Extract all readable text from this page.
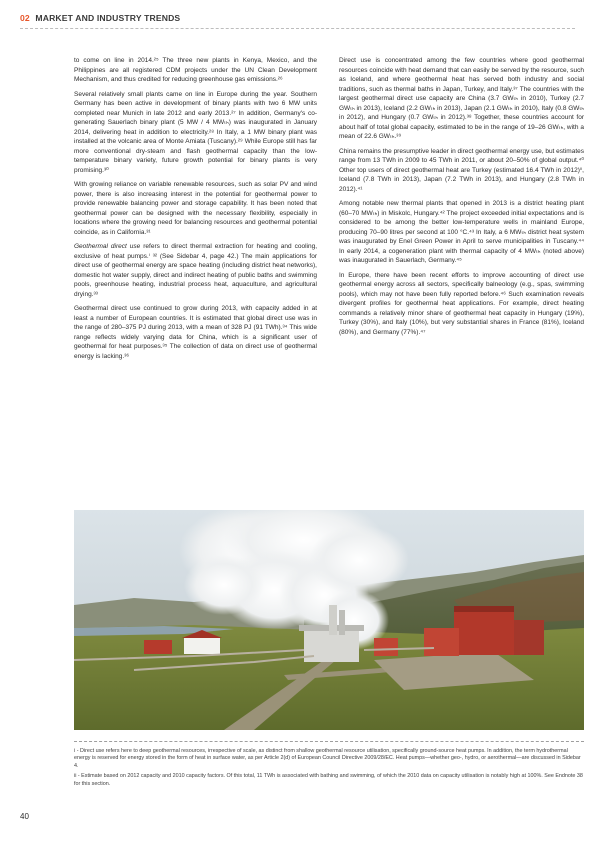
02 MARKET AND INDUSTRY TRENDS

to come on line in 2014.²⁵ The three new plants in Kenya, Mexico, and the Philippines are all registered CDM projects under the UN Clean Development Mechanism, and thus credited for reducing greenhouse gas emissions.²⁶

Several relatively small plants came on line in Europe during the year. Southern Germany has been active in development of binary plants with two 6 MW units completed near Munich in late 2012 and early 2013.²⁷ In addition, Germany's co-generating Sauerlach binary plant (5 MW / 4 MWₜₕ) was inaugurated in January 2014, delivering heat in addition to electricity.²⁸ In Italy, a 1 MW binary plant was installed at the volcanic area of Monte Amiata (Tuscany).²⁹ While Europe still has far more conventional dry-steam and flash geothermal capacity than the low-temperature binary variety, future growth potential for binary plants is very promising.³⁰

With growing reliance on variable renewable resources, such as solar PV and wind power, there is also increasing interest in the potential for geothermal power to provide renewable balancing power and storage capability. It has been noted that geothermal power can be designed with the necessary flexibility, especially in locations where the growing need for balancing resources and geothermal potential coincide, as in California.³¹

Geothermal direct use refers to direct thermal extraction for heating and cooling, exclusive of heat pumps.ⁱ ³² (See Sidebar 4, page 42.) The main applications for direct use of geothermal energy are space heating (including district heat networks), domestic hot water supply, direct and indirect heating of public baths and swimming pools, greenhouse heating, industrial process heat, aquaculture, and agricultural drying.³³

Geothermal direct use continued to grow during 2013, with capacity added in at least a number of European countries. It is estimated that global direct use was in the range of 280–375 PJ during 2013, with a mean of 328 PJ (91 TWh).³⁴ This wide range reflects widely varying data for China, which is a significant user of geothermal for heat purposes.³⁵ The collection of data on direct use of geothermal energy is lacking.³⁶

Direct use is concentrated among the few countries where good geothermal resources coincide with heat demand that can easily be served by the resource, such as Iceland, and where geothermal heat has served both industry and social traditions, such as thermal baths in Japan, Turkey, and Italy.³⁷ The countries with the largest geothermal direct use capacity are China (3.7 GWₜₕ in 2010), Turkey (2.7 GWₜₕ in 2013), Iceland (2.2 GWₜₕ in 2013), Japan (2.1 GWₜₕ in 2010), Italy (0.8 GWₜₕ in 2012), and Hungary (0.7 GWₜₕ in 2012).³⁸ Together, these countries account for about half of total global capacity, estimated to be in the range of 19–26 GWₜₕ, with a mean of 22.6 GWₜₕ.³⁹

China remains the presumptive leader in direct geothermal energy use, but estimates range from 13 TWh in 2009 to 45 TWh in 2011, or about 20–50% of global output.⁴⁰ Other top users of direct geothermal heat are Turkey (estimated 16.4 TWh in 2012)ⁱⁱ, Iceland (7.8 TWh in 2013), Japan (7.2 TWh in 2013), and Hungary (2.8 TWh in 2012).⁴¹

Among notable new thermal plants that opened in 2013 is a district heating plant (60–70 MWₜₕ) in Miskolc, Hungary.⁴² The project exceeded initial expectations and is considered to be among the better low-temperature wells in mainland Europe, producing 70–90 litres per second at 100 °C.⁴³ In Italy, a 6 MWₜₕ district heat system was inaugurated by Enel Green Power in April to serve municipalities in Tuscany.⁴⁴ In early 2014, a cogeneration plant with thermal capacity of 4 MWₜₕ (noted above) was inaugurated in Sauerlach, Germany.⁴⁵

In Europe, there have been recent efforts to improve accounting of direct use geothermal energy across all sectors, specifically balneology (e.g., spas, swimming pools), which may not have been fully reported before.⁴⁶ Such examination reveals divergent profiles for geothermal heat applications. For example, direct heating commands a relatively minor share of geothermal heat capacity in Hungary (19%), Turkey (30%), and Italy (10%), but very substantial shares in France (81%), Iceland (80%), and Germany (77%).⁴⁷

i - Direct use refers here to deep geothermal resources, irrespective of scale, as distinct from shallow geothermal resource utilisation, specifically ground-source heat pumps. In addition, the term hydrothermal energy is reserved for energy stored in the form of heat in surface water, as per Article 2(d) of European Council Directive 2009/28/EC. Heat pumps—whether geo-, hydro, or aerothermal—are discussed in Sidebar 4.

ii - Estimate based on 2012 capacity and 2010 capacity factors. Of this total, 11 TWh is associated with bathing and swimming, of which the 2010 data on capacity utilisation is notably high at 100%. See Endnote 38 for this section.

40
